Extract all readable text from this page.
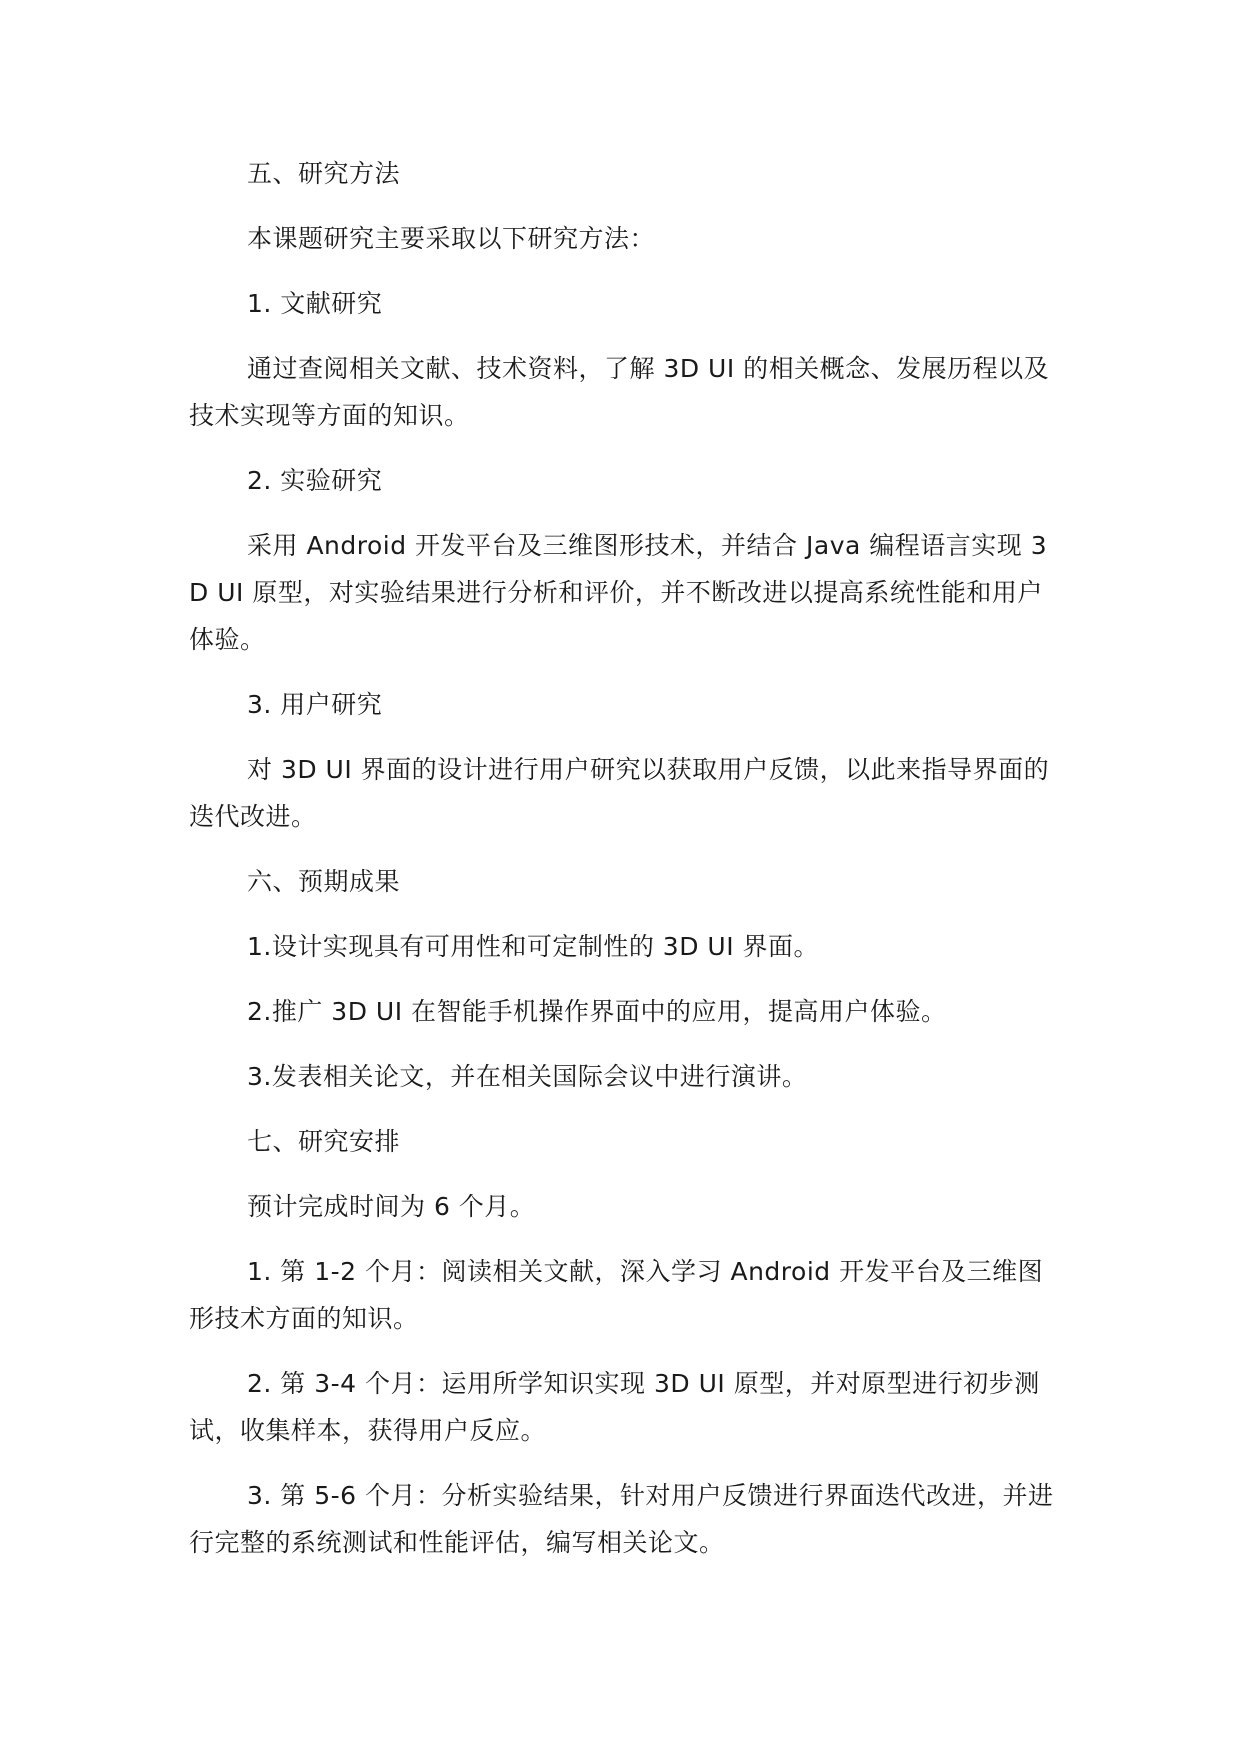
五、研究方法

本课题研究主要采取以下研究方法：

1. 文献研究

通过查阅相关文献、技术资料，了解 3D UI 的相关概念、发展历程以及技术实现等方面的知识。

2. 实验研究

采用 Android 开发平台及三维图形技术，并结合 Java 编程语言实现 3D UI 原型，对实验结果进行分析和评价，并不断改进以提高系统性能和用户体验。

3. 用户研究

对 3D UI 界面的设计进行用户研究以获取用户反馈，以此来指导界面的迭代改进。

六、预期成果

1.设计实现具有可用性和可定制性的 3D UI 界面。

2.推广 3D UI 在智能手机操作界面中的应用，提高用户体验。

3.发表相关论文，并在相关国际会议中进行演讲。

七、研究安排

预计完成时间为 6 个月。

1. 第 1-2 个月：阅读相关文献，深入学习 Android 开发平台及三维图形技术方面的知识。

2. 第 3-4 个月：运用所学知识实现 3D UI 原型，并对原型进行初步测试，收集样本，获得用户反应。

3. 第 5-6 个月：分析实验结果，针对用户反馈进行界面迭代改进，并进行完整的系统测试和性能评估，编写相关论文。
